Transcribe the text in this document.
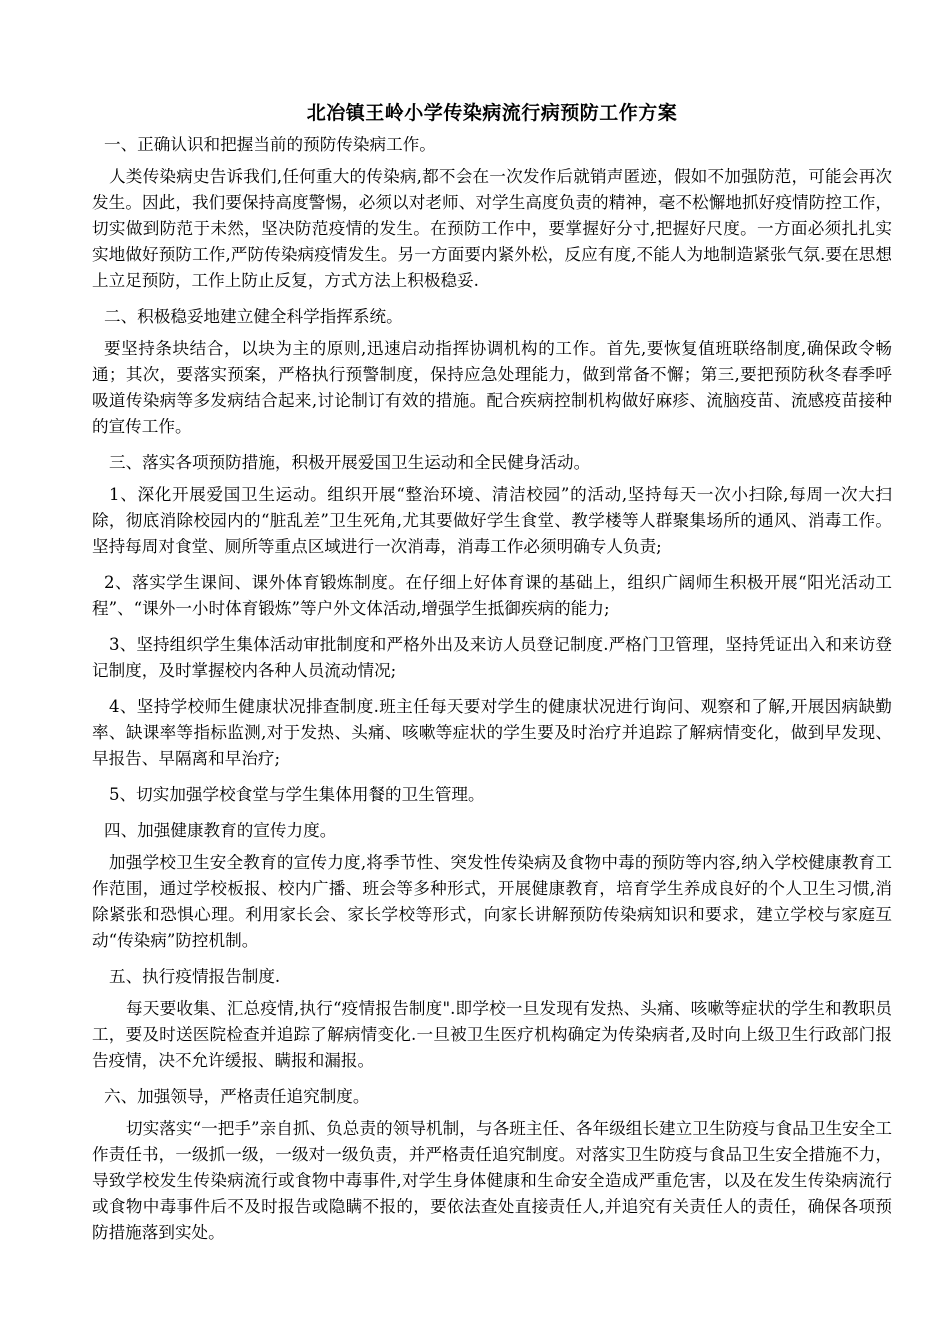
北冶镇王岭小学传染病流行病预防工作方案
一、正确认识和把握当前的预防传染病工作。
人类传染病史告诉我们,任何重大的传染病,都不会在一次发作后就销声匿迹，假如不加强防范，可能会再次发生。因此，我们要保持高度警惕，必须以对老师、对学生高度负责的精神，毫不松懈地抓好疫情防控工作，切实做到防范于未然，坚决防范疫情的发生。在预防工作中，要掌握好分寸,把握好尺度。一方面必须扎扎实实地做好预防工作,严防传染病疫情发生。另一方面要内紧外松，反应有度,不能人为地制造紧张气氛.要在思想上立足预防，工作上防止反复，方式方法上积极稳妥.
二、积极稳妥地建立健全科学指挥系统。
要坚持条块结合，以块为主的原则,迅速启动指挥协调机构的工作。首先,要恢复值班联络制度,确保政令畅通；其次，要落实预案，严格执行预警制度，保持应急处理能力，做到常备不懈；第三,要把预防秋冬春季呼吸道传染病等多发病结合起来,讨论制订有效的措施。配合疾病控制机构做好麻疹、流脑疫苗、流感疫苗接种的宣传工作。
三、落实各项预防措施，积极开展爱国卫生运动和全民健身活动。
1、深化开展爱国卫生运动。组织开展“整治环境、清洁校园”的活动,坚持每天一次小扫除,每周一次大扫除，彻底消除校园内的“脏乱差”卫生死角,尤其要做好学生食堂、教学楼等人群聚集场所的通风、消毒工作。坚持每周对食堂、厕所等重点区域进行一次消毒，消毒工作必须明确专人负责;
2、落实学生课间、课外体育锻炼制度。在仔细上好体育课的基础上，组织广阔师生积极开展“阳光活动工程”、“课外一小时体育锻炼”等户外文体活动,增强学生抵御疾病的能力;
3、坚持组织学生集体活动审批制度和严格外出及来访人员登记制度.严格门卫管理，坚持凭证出入和来访登记制度，及时掌握校内各种人员流动情况;
4、坚持学校师生健康状况排查制度.班主任每天要对学生的健康状况进行询问、观察和了解,开展因病缺勤率、缺课率等指标监测,对于发热、头痛、咳嗽等症状的学生要及时治疗并追踪了解病情变化，做到早发现、早报告、早隔离和早治疗;
5、切实加强学校食堂与学生集体用餐的卫生管理。
四、加强健康教育的宣传力度。
加强学校卫生安全教育的宣传力度,将季节性、突发性传染病及食物中毒的预防等内容,纳入学校健康教育工作范围，通过学校板报、校内广播、班会等多种形式，开展健康教育，培育学生养成良好的个人卫生习惯,消除紧张和恐惧心理。利用家长会、家长学校等形式，向家长讲解预防传染病知识和要求，建立学校与家庭互动“传染病”防控机制。
五、执行疫情报告制度.
每天要收集、汇总疫情,执行“疫情报告制度".即学校一旦发现有发热、头痛、咳嗽等症状的学生和教职员工，要及时送医院检查并追踪了解病情变化.一旦被卫生医疗机构确定为传染病者,及时向上级卫生行政部门报告疫情，决不允许缓报、瞒报和漏报。
六、加强领导，严格责任追究制度。
切实落实“一把手”亲自抓、负总责的领导机制，与各班主任、各年级组长建立卫生防疫与食品卫生安全工作责任书，一级抓一级，一级对一级负责，并严格责任追究制度。对落实卫生防疫与食品卫生安全措施不力，导致学校发生传染病流行或食物中毒事件,对学生身体健康和生命安全造成严重危害，以及在发生传染病流行或食物中毒事件后不及时报告或隐瞒不报的，要依法查处直接责任人,并追究有关责任人的责任，确保各项预防措施落到实处。
